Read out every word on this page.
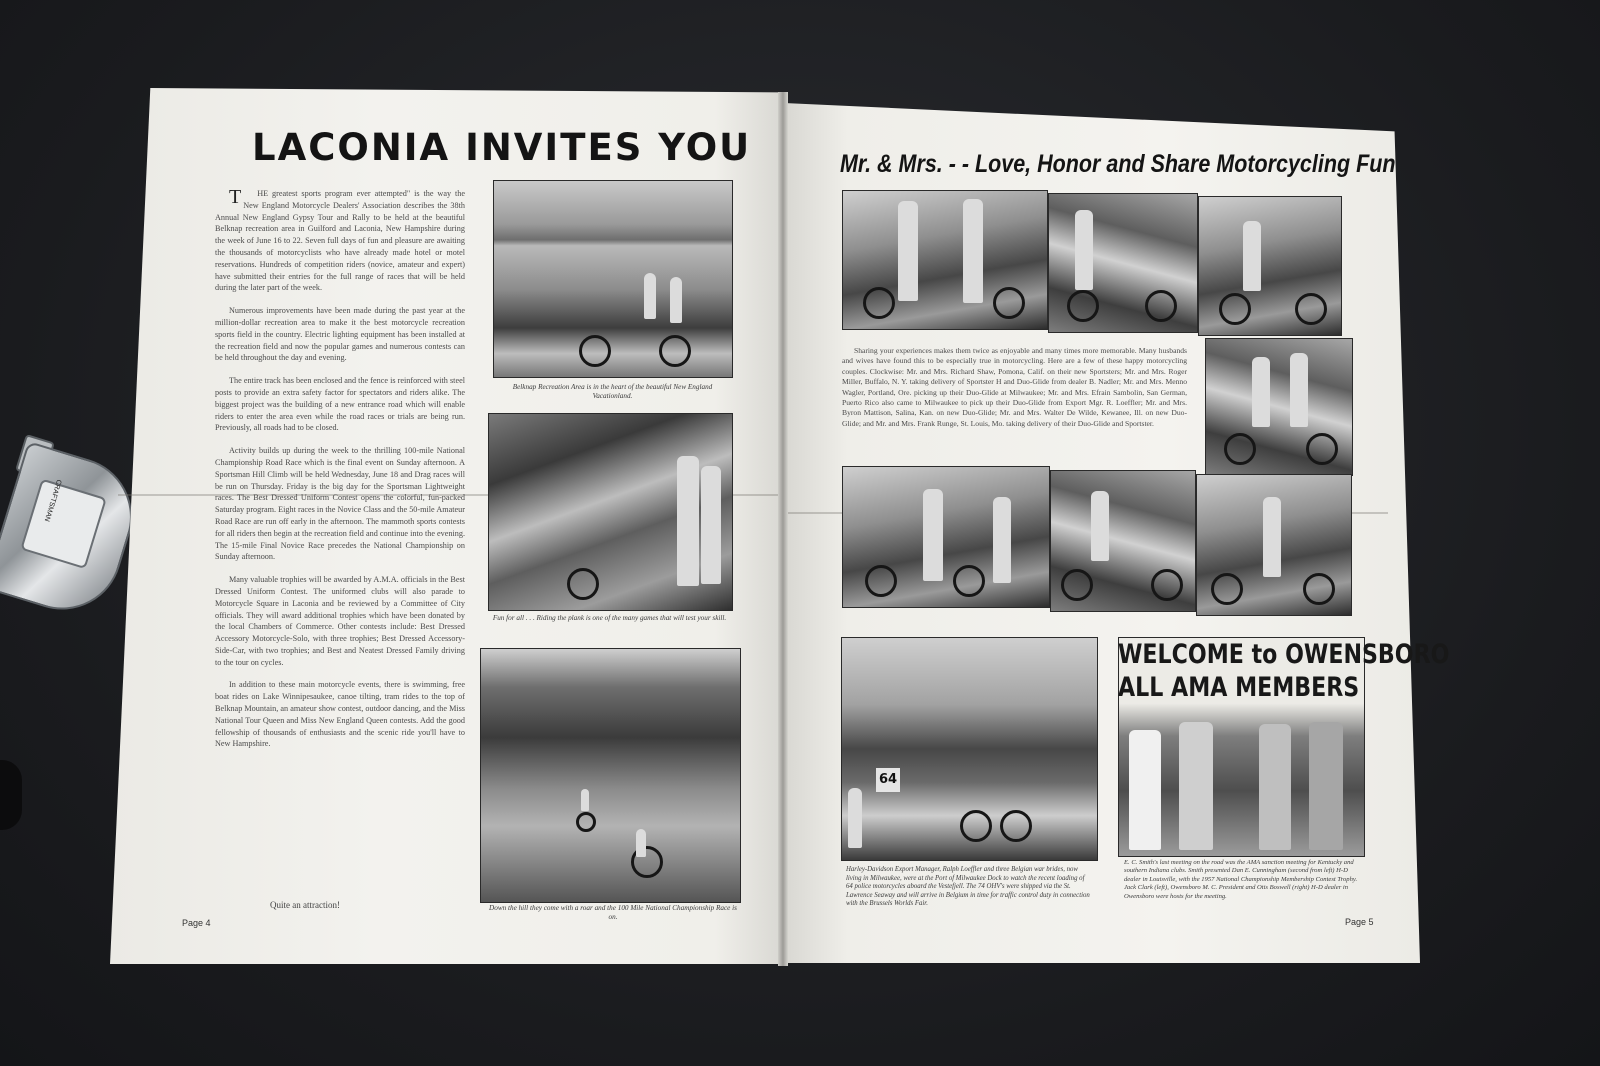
CRAFTSMAN
LACONIA INVITES YOU

T HE greatest sports program ever attempted" is the way the New England Motorcycle Dealers' Association describes the 38th Annual New England Gypsy Tour and Rally to be held at the beautiful Belknap recreation area in Guilford and Laconia, New Hampshire during the week of June 16 to 22. Seven full days of fun and pleasure are awaiting the thousands of motorcyclists who have already made hotel or motel reservations. Hundreds of competition riders (novice, amateur and expert) have submitted their entries for the full range of races that will be held during the later part of the week.

Numerous improvements have been made during the past year at the million-dollar recreation area to make it the best motorcycle recreation sports field in the country. Electric lighting equipment has been installed at the recreation field and now the popular games and numerous contests can be held throughout the day and evening.

The entire track has been enclosed and the fence is reinforced with steel posts to provide an extra safety factor for spectators and riders alike. The biggest project was the building of a new entrance road which will enable riders to enter the area even while the road races or trials are being run. Previously, all roads had to be closed.

Activity builds up during the week to the thrilling 100-mile National Championship Road Race which is the final event on Sunday afternoon. A Sportsman Hill Climb will be held Wednesday, June 18 and Drag races will be run on Thursday. Friday is the big day for the Sportsman Lightweight races. The Best Dressed Uniform Contest opens the colorful, fun-packed Saturday program. Eight races in the Novice Class and the 50-mile Amateur Road Race are run off early in the afternoon. The mammoth sports contests for all riders then begin at the recreation field and continue into the evening. The 15-mile Final Novice Race precedes the National Championship on Sunday afternoon.

Many valuable trophies will be awarded by A.M.A. officials in the Best Dressed Uniform Contest. The uniformed clubs will also parade to Motorcycle Square in Laconia and be reviewed by a Committee of City officials. They will award additional trophies which have been donated by the local Chambers of Commerce. Other contests include: Best Dressed Accessory Motorcycle-Solo, with three trophies; Best Dressed Accessory-Side-Car, with two trophies; and Best and Neatest Dressed Family driving to the tour on cycles.

In addition to these main motorcycle events, there is swimming, free boat rides on Lake Winnipesaukee, canoe tilting, tram rides to the top of Belknap Mountain, an amateur show contest, outdoor dancing, and the Miss National Tour Queen and Miss New England Queen contests. Add the good fellowship of thousands of enthusiasts and the scenic ride you'll have to New Hampshire.

Quite an attraction!
Page 4
Belknap Recreation Area is in the heart of the beautiful New England Vacationland.
Fun for all . . . Riding the plank is one of the many games that will test your skill.
Down the hill they come with a roar and the 100 Mile National Championship Race is on.
Mr. & Mrs. - - Love, Honor and Share Motorcycling Fun
Sharing your experiences makes them twice as enjoyable and many times more memorable. Many husbands and wives have found this to be especially true in motorcycling. Here are a few of these happy motorcycling couples. Clockwise: Mr. and Mrs. Richard Shaw, Pomona, Calif. on their new Sportsters; Mr. and Mrs. Roger Miller, Buffalo, N. Y. taking delivery of Sportster H and Duo-Glide from dealer B. Nadler; Mr. and Mrs. Menno Wagler, Portland, Ore. picking up their Duo-Glide at Milwaukee; Mr. and Mrs. Efrain Sambolin, San German, Puerto Rico also came to Milwaukee to pick up their Duo-Glide from Export Mgr. R. Loeffler; Mr. and Mrs. Byron Mattison, Salina, Kan. on new Duo-Glide; Mr. and Mrs. Walter De Wilde, Kewanee, Ill. on new Duo-Glide; and Mr. and Mrs. Frank Runge, St. Louis, Mo. taking delivery of their Duo-Glide and Sportster.
64
Harley-Davidson Export Manager, Ralph Loeffler and three Belgian war brides, now living in Milwaukee, were at the Port of Milwaukee Dock to watch the recent loading of 64 police motorcycles aboard the Vestefjell. The 74 OHV's were shipped via the St. Lawrence Seaway and will arrive in Belgium in time for traffic control duty in connection with the Brussels Worlds Fair.
WELCOME to OWENSBORO
ALL AMA MEMBERS
E. C. Smith's last meeting on the road was the AMA sanction meeting for Kentucky and southern Indiana clubs. Smith presented Dan E. Cunningham (second from left) H-D dealer in Louisville, with the 1957 National Championship Membership Contest Trophy. Jack Clark (left), Owensboro M. C. President and Otis Boswell (right) H-D dealer in Owensboro were hosts for the meeting.
Page 5
